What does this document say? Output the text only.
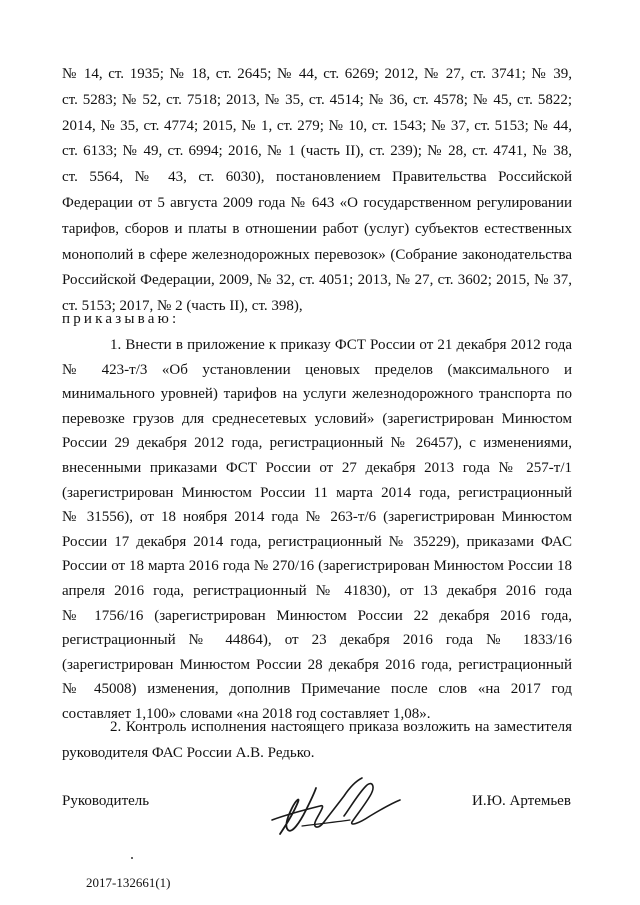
№ 14, ст. 1935; № 18, ст. 2645; № 44, ст. 6269; 2012, № 27, ст. 3741; № 39,
ст. 5283; № 52, ст. 7518; 2013, № 35, ст. 4514; № 36, ст. 4578; № 45, ст. 5822;
2014, № 35, ст. 4774; 2015, № 1, ст. 279; № 10, ст. 1543; № 37, ст. 5153; № 44,
ст. 6133; № 49, ст. 6994; 2016, № 1 (часть II), ст. 239); № 28, ст. 4741, № 38,
ст. 5564, № 43, ст. 6030), постановлением Правительства Российской
Федерации от 5 августа 2009 года № 643 «О государственном регулировании
тарифов, сборов и платы в отношении работ (услуг) субъектов естественных
монополий в сфере железнодорожных перевозок» (Собрание законодательства
Российской Федерации, 2009, № 32, ст. 4051; 2013, № 27, ст. 3602; 2015, № 37,
ст. 5153; 2017, № 2 (часть II), ст. 398),
приказываю:
1. Внести в приложение к приказу ФСТ России от 21 декабря 2012 года
№ 423-т/3 «Об установлении ценовых пределов (максимального и
минимального уровней) тарифов на услуги железнодорожного транспорта по
перевозке грузов для среднесетевых условий» (зарегистрирован Минюстом
России 29 декабря 2012 года, регистрационный № 26457), с изменениями,
внесенными приказами ФСТ России от 27 декабря 2013 года № 257-т/1
(зарегистрирован Минюстом России 11 марта 2014 года, регистрационный
№ 31556), от 18 ноября 2014 года № 263-т/6 (зарегистрирован Минюстом
России 17 декабря 2014 года, регистрационный № 35229), приказами ФАС
России от 18 марта 2016 года № 270/16 (зарегистрирован Минюстом России 18
апреля 2016 года, регистрационный № 41830), от 13 декабря 2016 года
№ 1756/16 (зарегистрирован Минюстом России 22 декабря 2016 года,
регистрационный № 44864), от 23 декабря 2016 года № 1833/16
(зарегистрирован Минюстом России 28 декабря 2016 года, регистрационный
№ 45008) изменения, дополнив Примечание после слов «на 2017 год
составляет 1,100» словами «на 2018 год составляет 1,08».
2. Контроль исполнения настоящего приказа возложить на заместителя
руководителя ФАС России А.В. Редько.
Руководитель	И.Ю. Артемьев
2017-132661(1)
